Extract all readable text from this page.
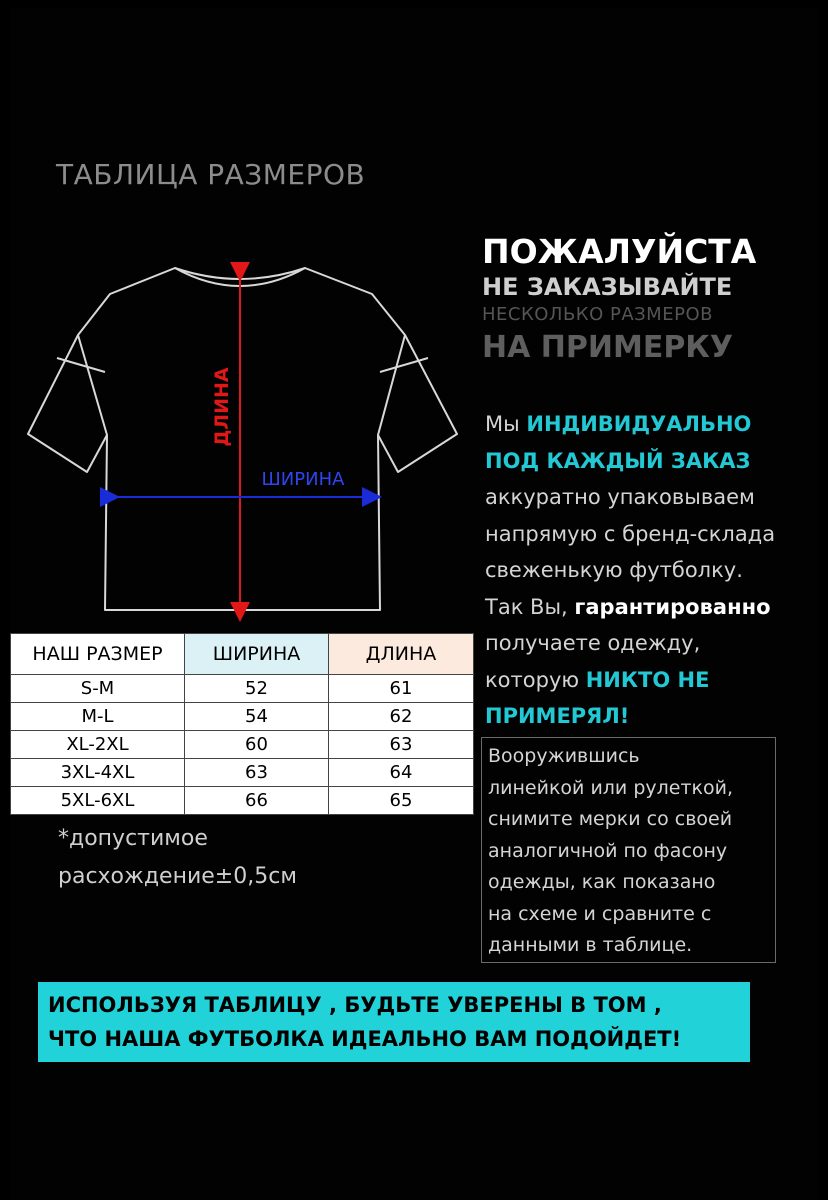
ТАБЛИЦА РАЗМЕРОВ
ПОЖАЛУЙСТА
НЕ ЗАКАЗЫВАЙТЕ
НЕСКОЛЬКО РАЗМЕРОВ
НА ПРИМЕРКУ
ДЛИНА
ШИРИНА
Мы ИНДИВИДУАЛЬНО
ПОД КАЖДЫЙ ЗАКАЗ
аккуратно упаковываем
напрямую с бренд-склада
свеженькую футболку.
Так Вы, гарантированно
получаете одежду,
которую НИКТО НЕ
ПРИМЕРЯЛ!
Вооружившись
линейкой или рулеткой,
снимите мерки со своей
аналогичной по фасону
одежды, как показано
на схеме и сравните с
данными в таблице.
НАШ РАЗМЕР	ШИРИНА	ДЛИНА
S-M	52	61
M-L	54	62
XL-2XL	60	63
3XL-4XL	63	64
5XL-6XL	66	65
*допустимое
расхождение±0,5см
ИСПОЛЬЗУЯ ТАБЛИЦУ , БУДЬТЕ УВЕРЕНЫ В ТОМ ,
ЧТО НАША ФУТБОЛКА ИДЕАЛЬНО ВАМ ПОДОЙДЕТ!
